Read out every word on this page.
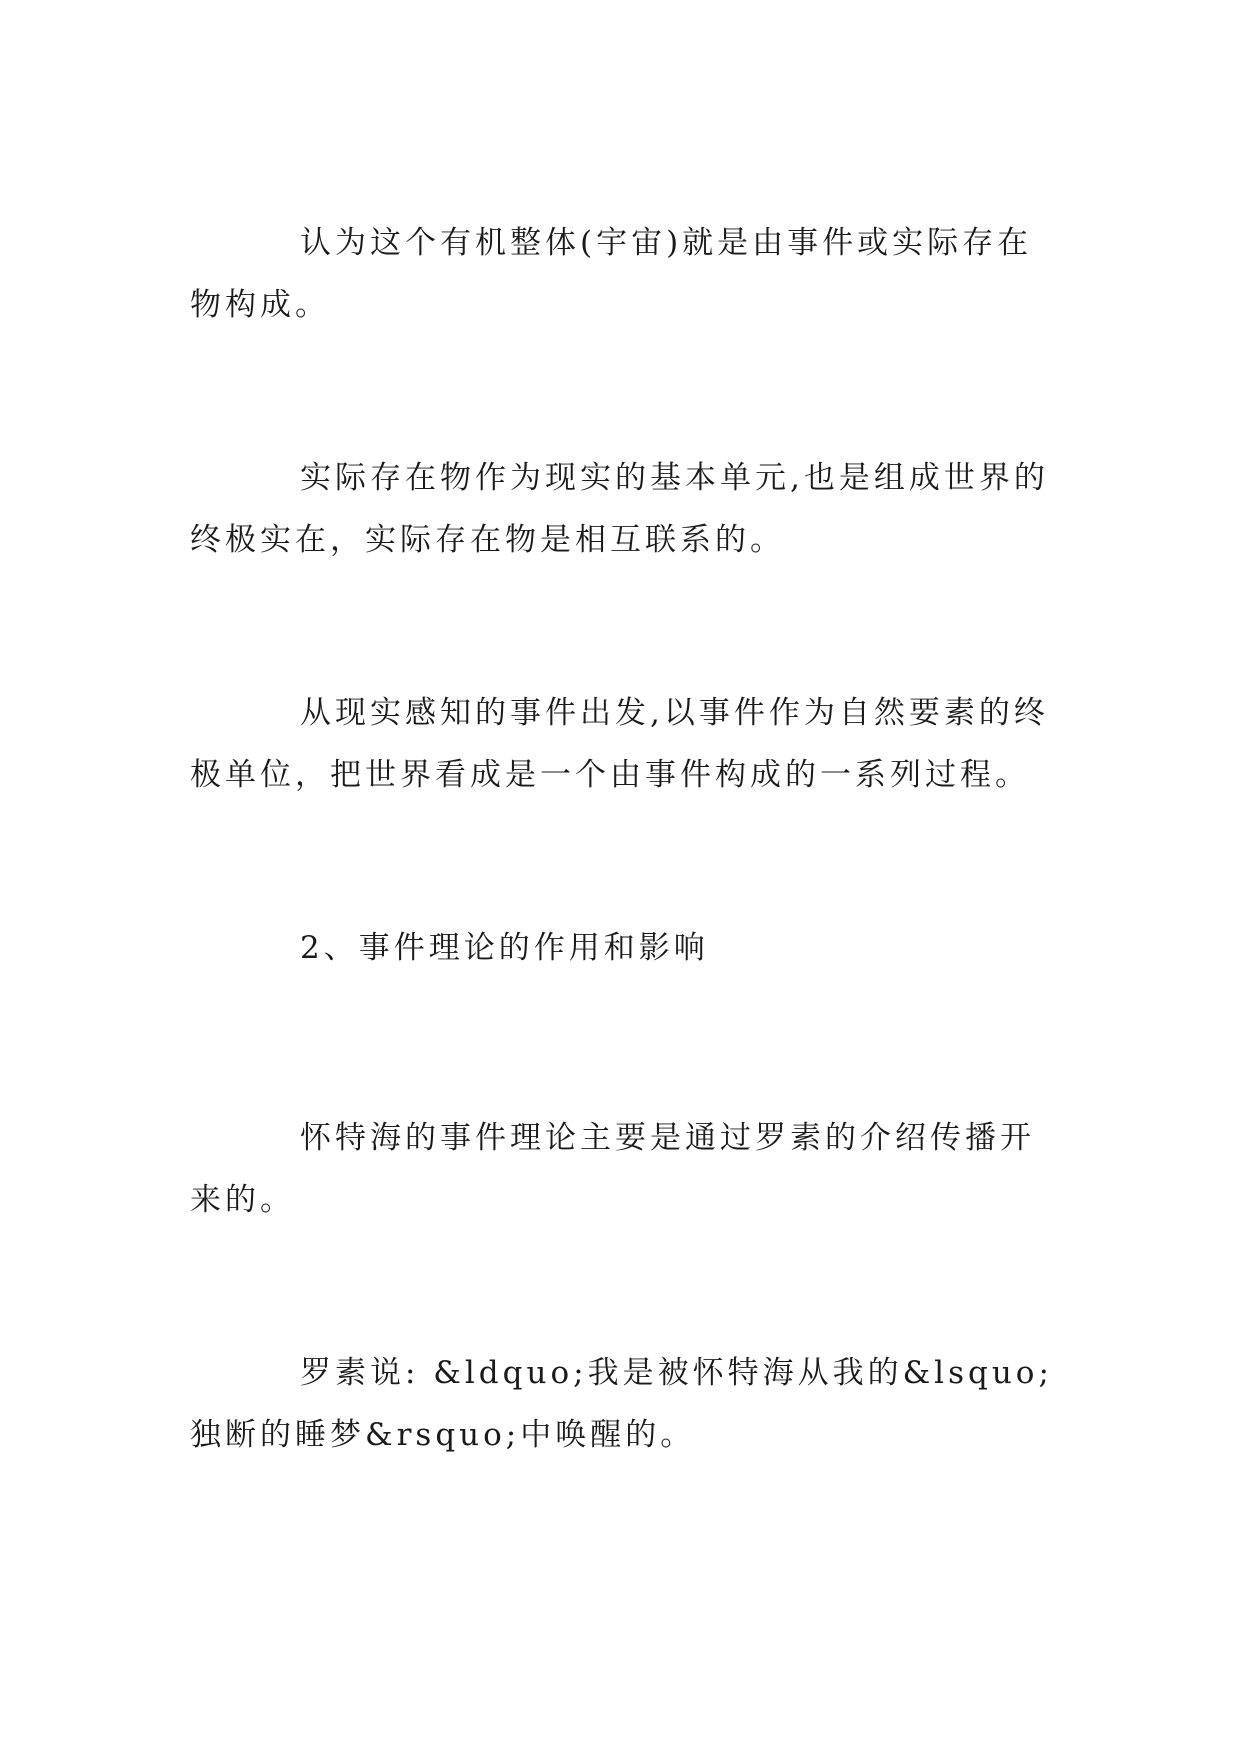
认为这个有机整体(宇宙)就是由事件或实际存在物构成。

实际存在物作为现实的基本单元,也是组成世界的终极实在，实际存在物是相互联系的。

从现实感知的事件出发,以事件作为自然要素的终极单位，把世界看成是一个由事件构成的一系列过程。

2、事件理论的作用和影响

怀特海的事件理论主要是通过罗素的介绍传播开来的。

罗素说: &ldquo;我是被怀特海从我的&lsquo;独断的睡梦&rsquo;中唤醒的。
